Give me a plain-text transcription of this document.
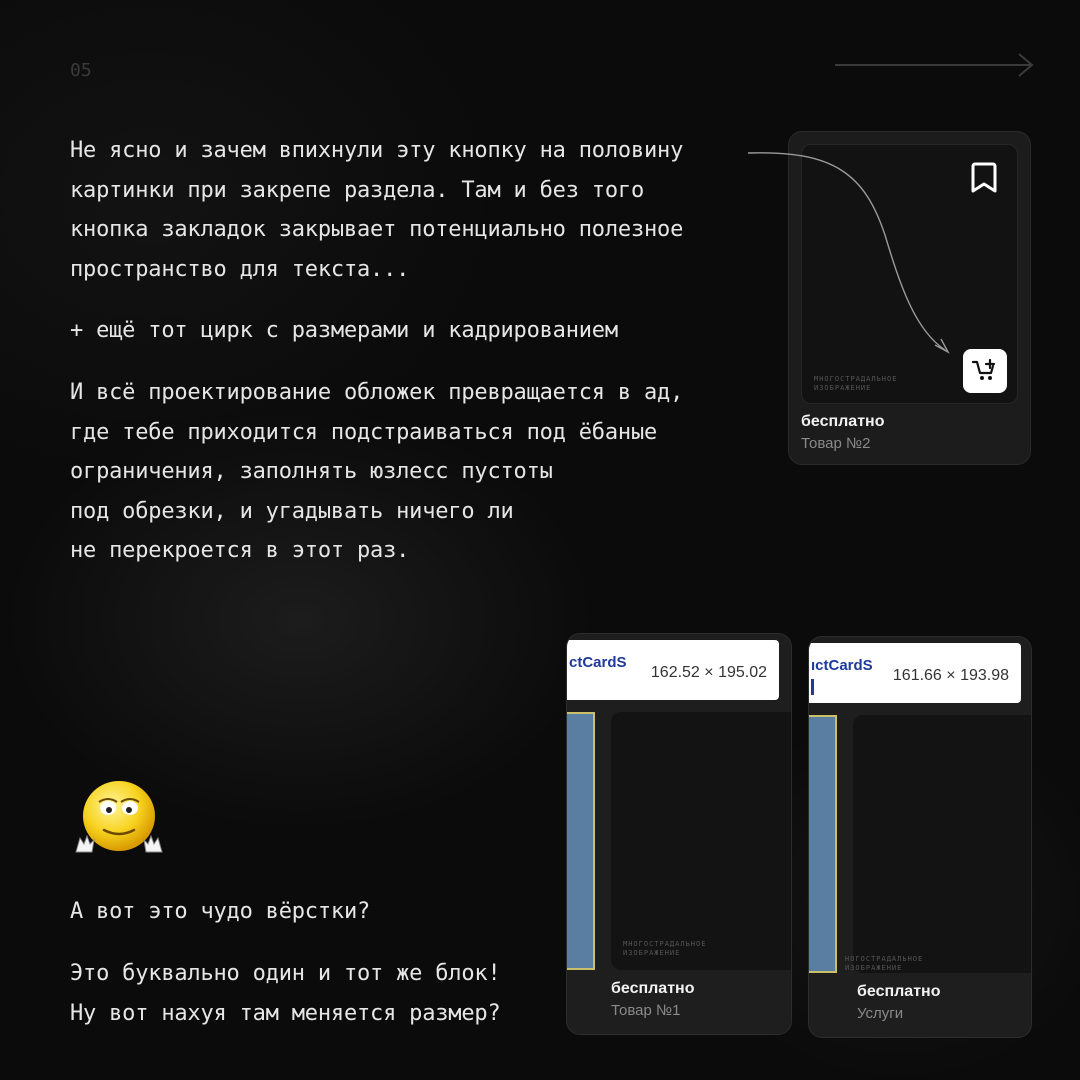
05
Не ясно и зачем впихнули эту кнопку на половину
картинки при закрепе раздела. Там и без того
кнопка закладок закрывает потенциально полезное
пространство для текста...
+ ещё тот цирк с размерами и кадрированием
И всё проектирование обложек превращается в ад,
где тебе приходится подстраиваться под ёбаные
ограничения, заполнять юзлесс пустоты
под обрезки, и угадывать ничего ли
не перекроется в этот раз.
А вот это чудо вёрстки?
Это буквально один и тот же блок!
Ну вот нахуя там меняется размер?
МНОГОСТРАДАЛЬНОЕ ИЗОБРАЖЕНИЕ
бесплатно
Товар №2
ctCardS
162.52 × 195.02
МНОГОСТРАДАЛЬНОЕ ИЗОБРАЖЕНИЕ
бесплатно
Товар №1
ıctCardS
161.66 × 193.98
НОГОСТРАДАЛЬНОЕ ИЗОБРАЖЕНИЕ
бесплатно
Услуги
